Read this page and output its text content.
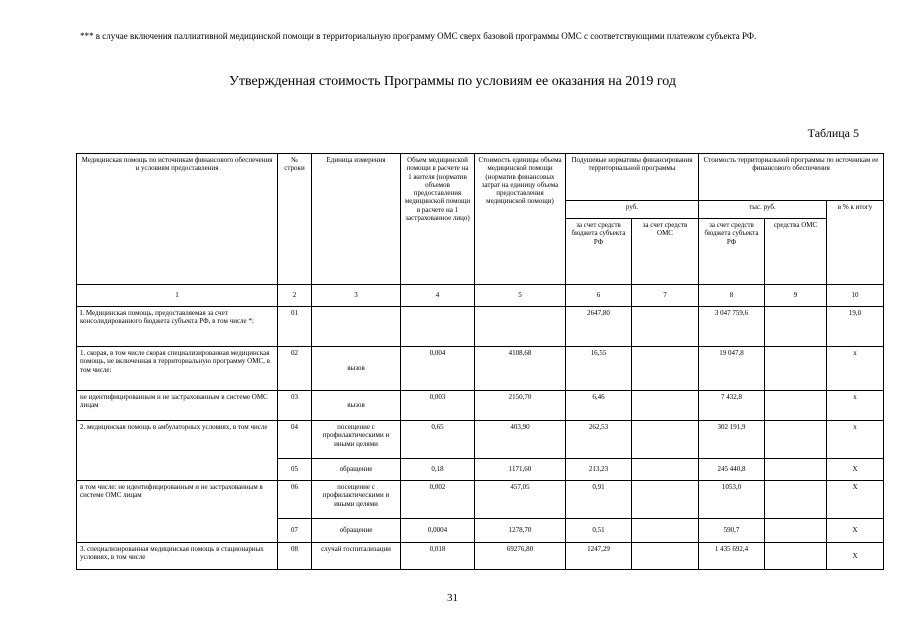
*** в случае включения паллиативной медицинской помощи в территориальную программу ОМС сверх базовой программы ОМС с соответствующими платежом субъекта РФ.
Утвержденная стоимость Программы по условиям ее оказания на 2019 год
Таблица 5
Медицинская помощь по источникам финансового обеспечения и условиям предоставления	№ строки	Единица измерения	Объем медицинской помощи в расчете на 1 жителя (норматив объемов предоставления медицинской помощи в расчете на 1 застрахованное лицо)	Стоимость единицы объема медицинской помощи (норматив финансовых затрат на единицу объема предоставления медицинской помощи)	Подушевые нормативы финансирования территориальной программы		Стоимость территориальной программы по источникам ее финансового обеспечения		
					руб.		тыс. руб.		в % к итогу
					за счет средств бюджета субъекта РФ	за счет средств ОМС	за счет средств бюджета субъекта РФ	средства ОМС	
1	2	3	4	5	6	7	8	9	10
I. Медицинская помощь, предоставляемая за счет консолидированного бюджета субъекта РФ, в том числе *:	01				2647,80		3 047 759,6		19,0
1. скорая, в том числе скорая специализированная медицинская помощь, не включенная в территориальную программу ОМС, в том числе:	02	вызов	0,004	4108,68	16,55		19 047,8		х
не идентифицированным и не застрахованным в системе ОМС лицам	03	вызов	0,003	2150,70	6,46		7 432,8		х
2. медицинская помощь в амбулаторных условиях, в том числе	04	посещение с профилактическими и иными целями	0,65	403,90	262,53		302 191,9		х
	05	обращение	0,18	1171,60	213,23		245 440,8		Х
в том числе: не идентифицированным и не застрахованным в системе ОМС лицам	06	посещение с профилактическими и иными целями	0,002	457,05	0,91		1053,0		Х
	07	обращение	0,0004	1278,70	0,51		590,7		Х
3. специализированная медицинская помощь в стационарных условиях, в том числе	08	случай госпитализации	0,018	69276,80	1247,29		1 435 692,4		Х
31
